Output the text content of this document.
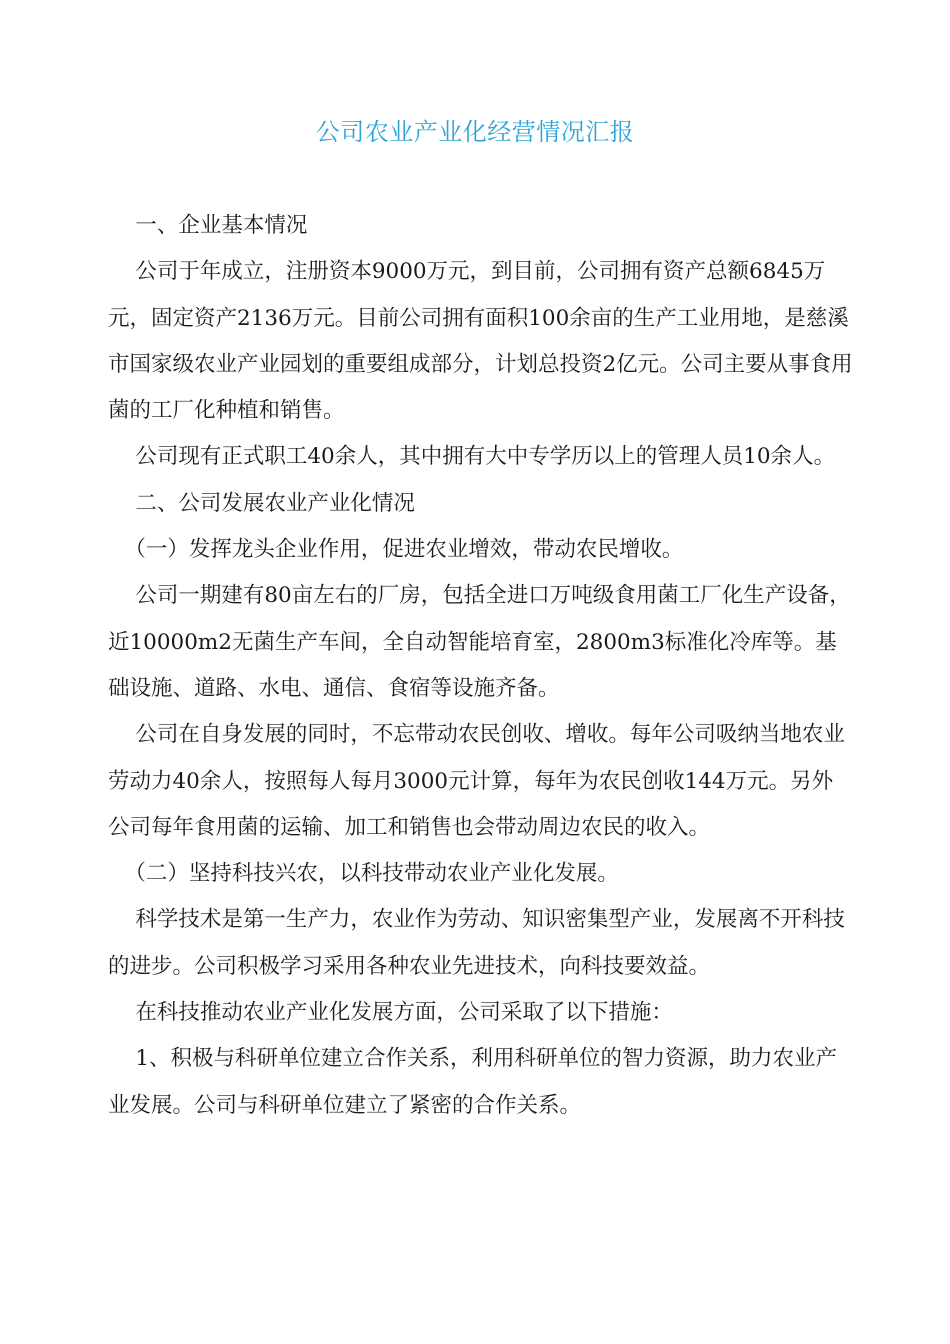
公司农业产业化经营情况汇报

一、企业基本情况

公司于年成立，注册资本9000万元，到目前，公司拥有资产总额6845万元，固定资产2136万元。目前公司拥有面积100余亩的生产工业用地，是慈溪市国家级农业产业园划的重要组成部分，计划总投资2亿元。公司主要从事食用菌的工厂化种植和销售。

公司现有正式职工40余人，其中拥有大中专学历以上的管理人员10余人。

二、公司发展农业产业化情况

（一）发挥龙头企业作用，促进农业增效，带动农民增收。

公司一期建有80亩左右的厂房，包括全进口万吨级食用菌工厂化生产设备，近10000m2无菌生产车间，全自动智能培育室，2800m3标准化冷库等。基础设施、道路、水电、通信、食宿等设施齐备。

公司在自身发展的同时，不忘带动农民创收、增收。每年公司吸纳当地农业劳动力40余人，按照每人每月3000元计算，每年为农民创收144万元。另外公司每年食用菌的运输、加工和销售也会带动周边农民的收入。

（二）坚持科技兴农，以科技带动农业产业化发展。

科学技术是第一生产力，农业作为劳动、知识密集型产业，发展离不开科技的进步。公司积极学习采用各种农业先进技术，向科技要效益。

在科技推动农业产业化发展方面，公司采取了以下措施：

1、积极与科研单位建立合作关系，利用科研单位的智力资源，助力农业产业发展。公司与科研单位建立了紧密的合作关系。
